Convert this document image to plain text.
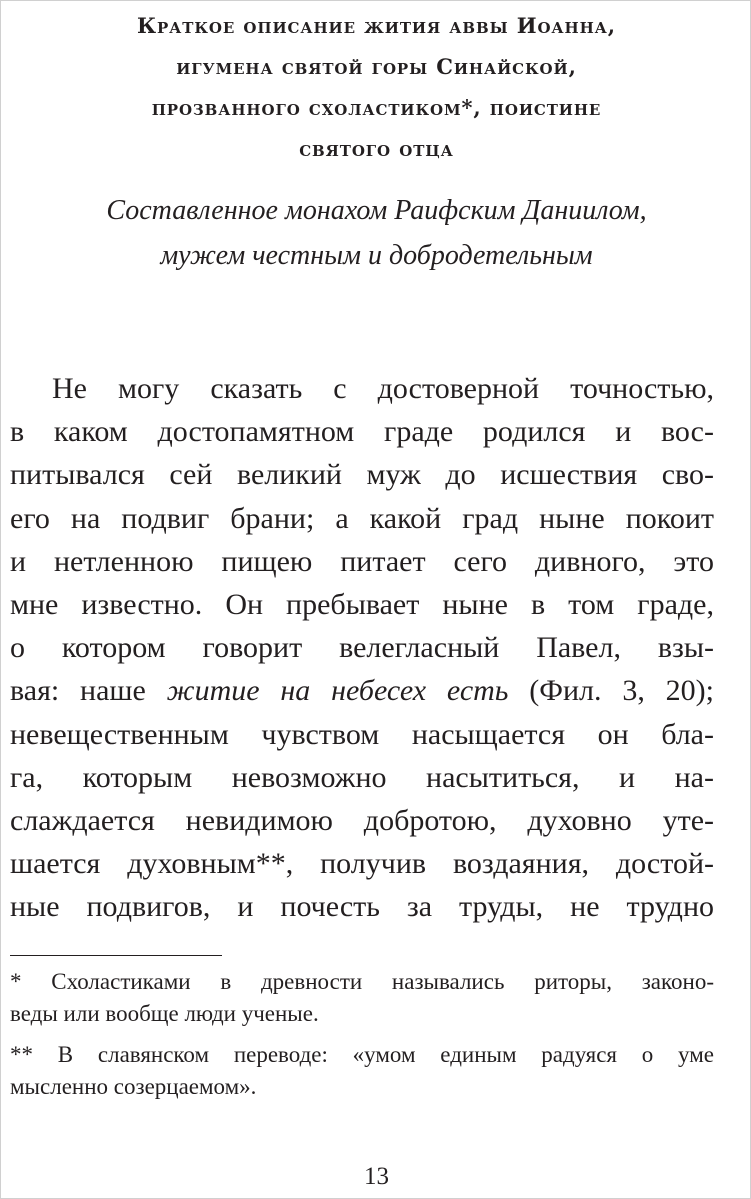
Краткое описание жития аввы Иоанна,
игумена святой горы Синайской,
прозванного схоластиком*, поистине
святого отца
Составленное монахом Раифским Даниилом,
мужем честным и добродетельным
Не могу сказать с достоверной точностью,
в каком достопамятном граде родился и вос-
питывался сей великий муж до исшествия сво-
его на подвиг брани; а какой град ныне покоит
и нетленною пищею питает сего дивного, это
мне известно. Он пребывает ныне в том граде,
о котором говорит велегласный Павел, взы-
вая: наше житие на небесех есть (Фил. 3, 20);
невещественным чувством насыщается он бла-
га, которым невозможно насытиться, и на-
слаждается невидимою добротою, духовно уте-
шается духовным**, получив воздаяния, достой-
ные подвигов, и почесть за труды, не трудно
* Схоластиками в древности назывались риторы, законо-
веды или вообще люди ученые.
** В славянском переводе: «умом единым радуяся о уме
мысленно созерцаемом».
13
